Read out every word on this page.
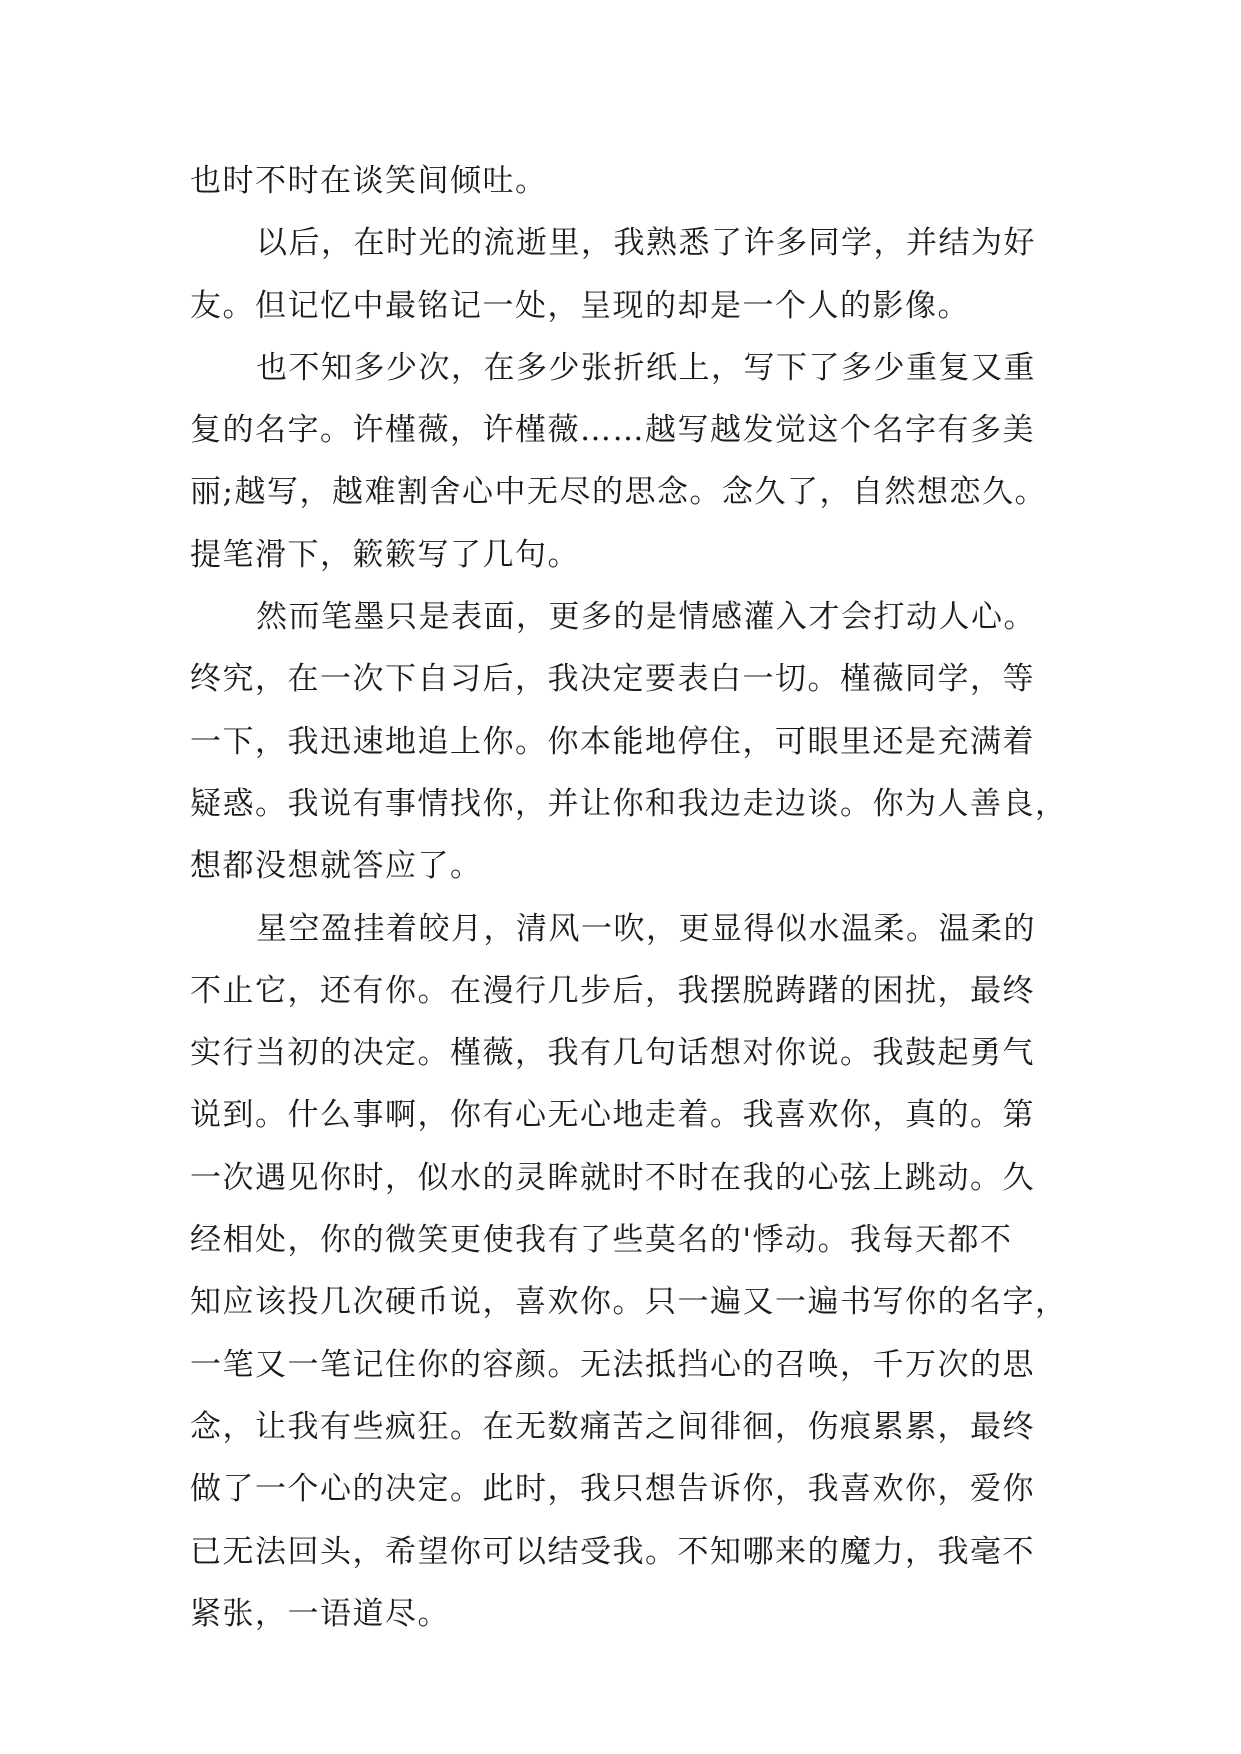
也时不时在谈笑间倾吐。
以后，在时光的流逝里，我熟悉了许多同学，并结为好
友。但记忆中最铭记一处，呈现的却是一个人的影像。
也不知多少次，在多少张折纸上，写下了多少重复又重
复的名字。许槿薇，许槿薇……越写越发觉这个名字有多美
丽;越写，越难割舍心中无尽的思念。念久了，自然想恋久。
提笔滑下，簌簌写了几句。
然而笔墨只是表面，更多的是情感灌入才会打动人心。
终究，在一次下自习后，我决定要表白一切。槿薇同学，等
一下，我迅速地追上你。你本能地停住，可眼里还是充满着
疑惑。我说有事情找你，并让你和我边走边谈。你为人善良，
想都没想就答应了。
星空盈挂着皎月，清风一吹，更显得似水温柔。温柔的
不止它，还有你。在漫行几步后，我摆脱踌躇的困扰，最终
实行当初的决定。槿薇，我有几句话想对你说。我鼓起勇气
说到。什么事啊，你有心无心地走着。我喜欢你，真的。第
一次遇见你时，似水的灵眸就时不时在我的心弦上跳动。久
经相处，你的微笑更使我有了些莫名的'悸动。我每天都不
知应该投几次硬币说，喜欢你。只一遍又一遍书写你的名字，
一笔又一笔记住你的容颜。无法抵挡心的召唤，千万次的思
念，让我有些疯狂。在无数痛苦之间徘徊，伤痕累累，最终
做了一个心的决定。此时，我只想告诉你，我喜欢你，爱你
已无法回头，希望你可以结受我。不知哪来的魔力，我毫不
紧张，一语道尽。
